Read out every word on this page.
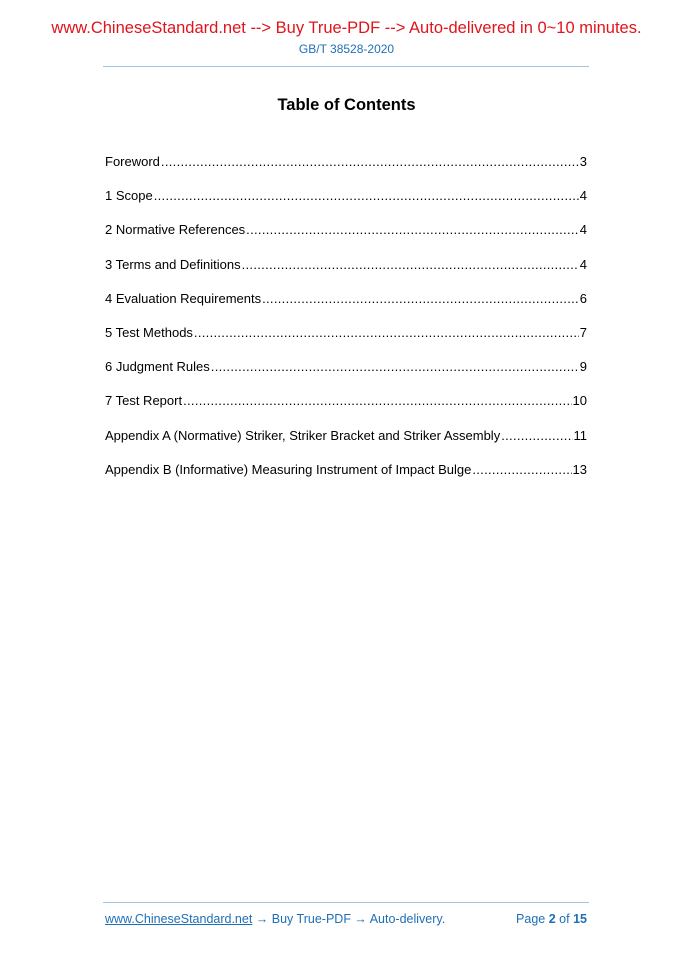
www.ChineseStandard.net --> Buy True-PDF --> Auto-delivered in 0~10 minutes.
GB/T 38528-2020
Table of Contents
Foreword .....	3
1 Scope .....	4
2 Normative References .....	4
3 Terms and Definitions .....	4
4 Evaluation Requirements .....	6
5 Test Methods .....	7
6 Judgment Rules .....	9
7 Test Report .....	10
Appendix A (Normative) Striker, Striker Bracket and Striker Assembly .....	11
Appendix B (Informative) Measuring Instrument of Impact Bulge .....	13
www.ChineseStandard.net → Buy True-PDF → Auto-delivery.	Page 2 of 15
